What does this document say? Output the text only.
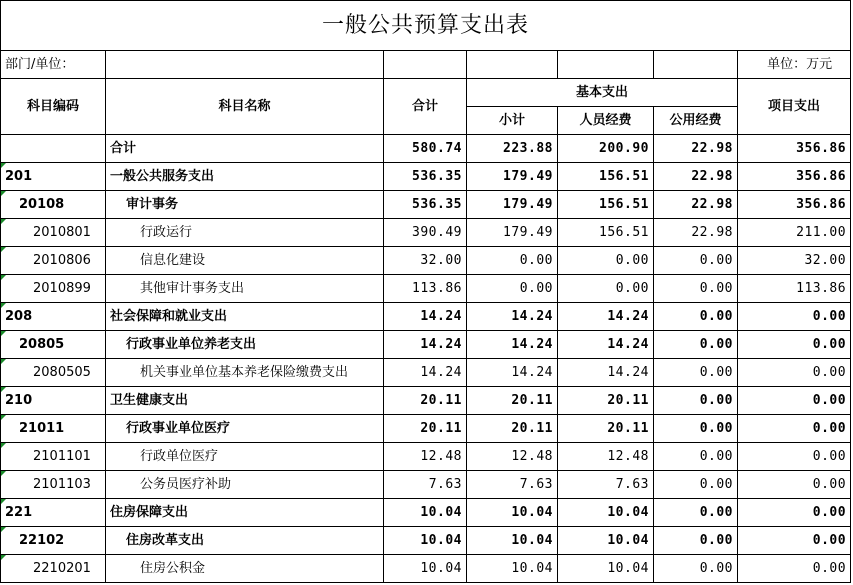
一般公共预算支出表						
部门/单位：						单位：万元
科目编码	科目名称	合计	基本支出			项目支出
			小计	人员经费	公用经费	
	合计	580.74	223.88	200.90	22.98	356.86
201	一般公共服务支出	536.35	179.49	156.51	22.98	356.86
20108	审计事务	536.35	179.49	156.51	22.98	356.86
2010801	行政运行	390.49	179.49	156.51	22.98	211.00
2010806	信息化建设	32.00	0.00	0.00	0.00	32.00
2010899	其他审计事务支出	113.86	0.00	0.00	0.00	113.86
208	社会保障和就业支出	14.24	14.24	14.24	0.00	0.00
20805	行政事业单位养老支出	14.24	14.24	14.24	0.00	0.00
2080505	机关事业单位基本养老保险缴费支出	14.24	14.24	14.24	0.00	0.00
210	卫生健康支出	20.11	20.11	20.11	0.00	0.00
21011	行政事业单位医疗	20.11	20.11	20.11	0.00	0.00
2101101	行政单位医疗	12.48	12.48	12.48	0.00	0.00
2101103	公务员医疗补助	7.63	7.63	7.63	0.00	0.00
221	住房保障支出	10.04	10.04	10.04	0.00	0.00
22102	住房改革支出	10.04	10.04	10.04	0.00	0.00
2210201	住房公积金	10.04	10.04	10.04	0.00	0.00
